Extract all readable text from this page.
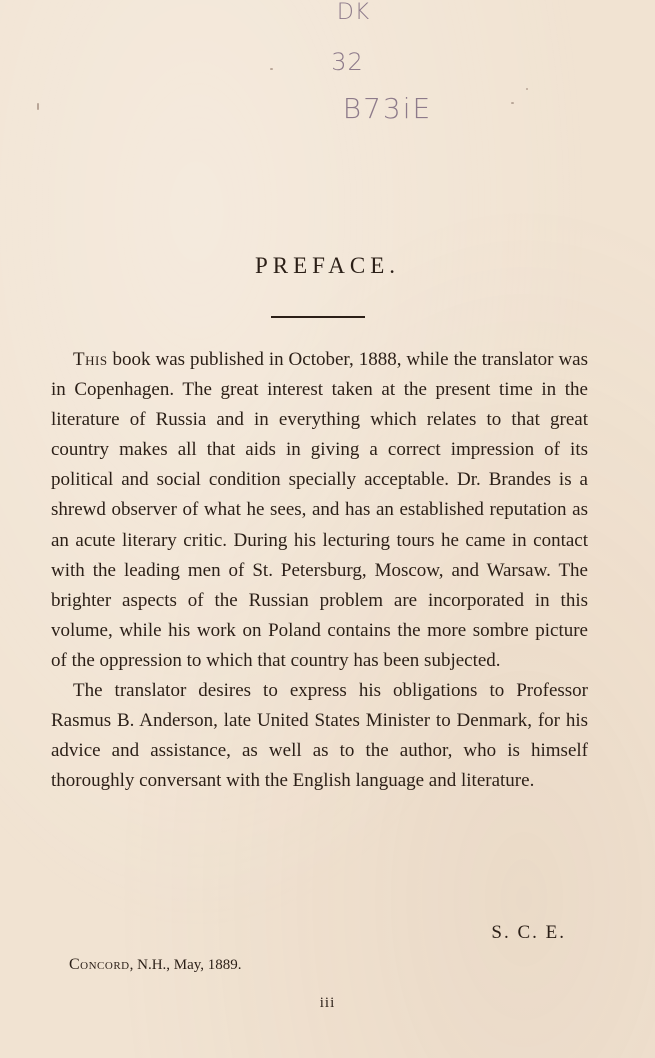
DK
32
B73iE
PREFACE.

This book was published in October, 1888, while the translator was in Copenhagen. The great interest taken at the present time in the literature of Russia and in everything which relates to that great country makes all that aids in giving a correct impression of its political and social condition specially acceptable. Dr. Brandes is a shrewd observer of what he sees, and has an established reputation as an acute literary critic. During his lecturing tours he came in contact with the leading men of St. Petersburg, Moscow, and Warsaw. The brighter aspects of the Russian problem are incorporated in this volume, while his work on Poland contains the more sombre picture of the oppression to which that country has been subjected.

The translator desires to express his obligations to Professor Rasmus B. Anderson, late United States Minister to Denmark, for his advice and assistance, as well as to the author, who is himself thoroughly conversant with the English language and literature.

S. C. E.
Concord, N.H., May, 1889.
iii
